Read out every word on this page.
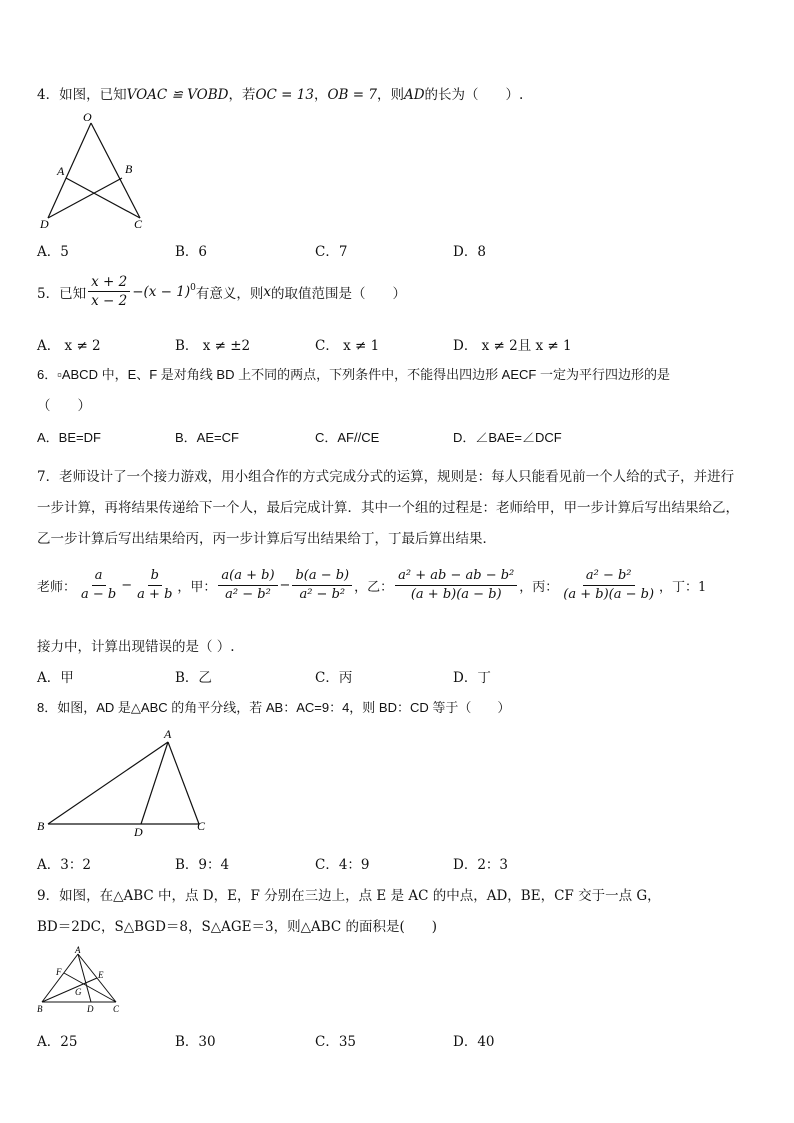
4．如图，已知VOAC ≌ VOBD，若OC = 13，OB = 7，则AD的长为（　　）.
O
A	B
D	C
A．5	B．6	C．7	D．8
5．已知 $\frac{x + 2}{x - 2} -(x - 1)^0$ 有意义，则 x 的取值范围是（　　）
A． x ≠ 2	B． x ≠ ±2	C． x ≠ 1	D． x ≠ 2且 x ≠ 1
6．▫ABCD 中，E、F 是对角线 BD 上不同的两点，下列条件中，不能得出四边形 AECF 一定为平行四边形的是
（　　）
A．BE=DF	B．AE=CF	C．AF//CE	D．∠BAE=∠DCF
7．老师设计了一个接力游戏，用小组合作的方式完成分式的运算，规则是：每人只能看见前一个人给的式子，并进行
一步计算，再将结果传递给下一个人，最后完成计算．其中一个组的过程是：老师给甲，甲一步计算后写出结果给乙，
乙一步计算后写出结果给丙，丙一步计算后写出结果给丁，丁最后算出结果．
老师： $\frac{a}{a - b} - \frac{b}{a + b}$ ，甲： $\frac{a(a + b)}{\text{a² − b²}} - \frac{b(a - b)}{\text{a² − b²}}$ ，乙： $\frac{\text{a² + ab − ab − b²}}{(a + b)(a - b)}$ ，丙： $\frac{\text{a² − b²}}{(a + b)(a - b)}$ ，丁：1
接力中，计算出现错误的是（ ）.
A．甲	B．乙	C．丙	D．丁
8．如图，AD 是△ABC 的角平分线，若 AB：AC=9：4，则 BD：CD 等于（　　）
A
B	D	C
A．3：2	B．9：4	C．4：9	D．2：3
9．如图，在△ABC 中，点 D，E，F 分别在三边上，点 E 是 AC 的中点，AD，BE，CF 交于一点 G，
BD＝2DC，S△BGD＝8，S△AGE＝3，则△ABC 的面积是(　　)
A
F	E
G
B	D C
A．25	B．30	C．35	D．40
